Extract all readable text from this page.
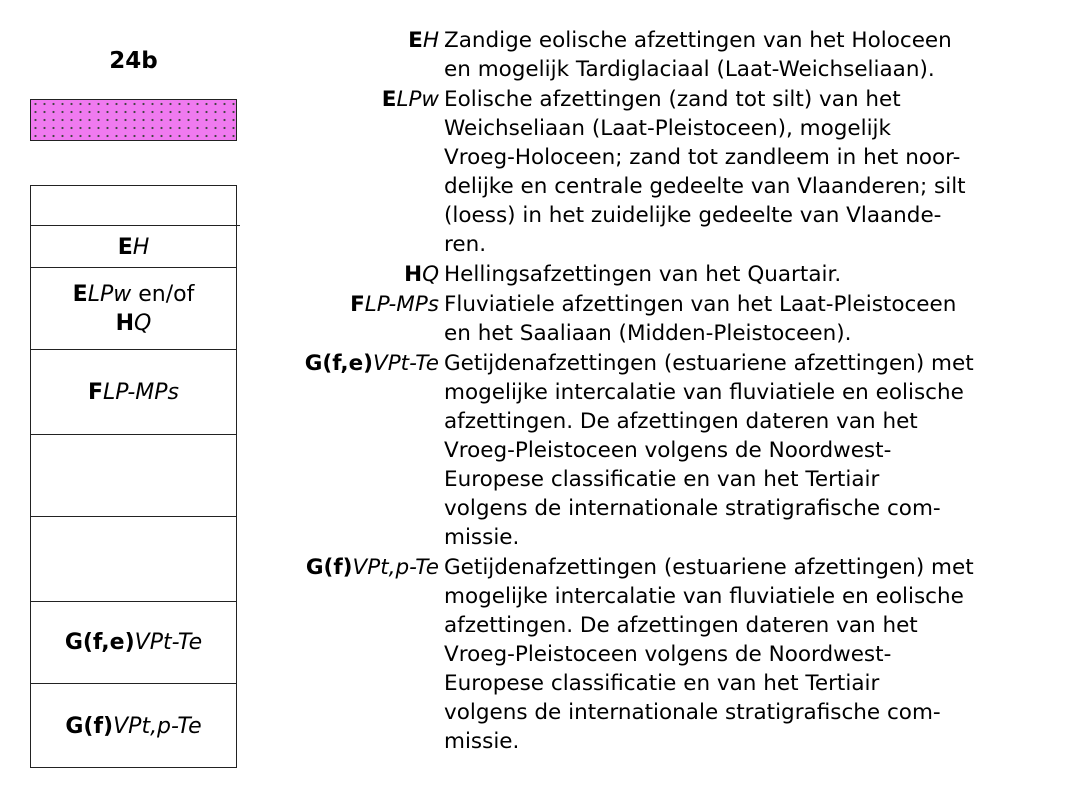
24b
EH
ELPw en/of
HQ
FLP-MPs
G(f,e)VPt-Te
G(f)VPt,p-Te
EH Zandige eolische afzettingen van het Holoceen
en mogelijk Tardiglaciaal (Laat-Weichseliaan).
ELPw Eolische afzettingen (zand tot silt) van het
Weichseliaan (Laat-Pleistoceen), mogelijk
Vroeg-Holoceen; zand tot zandleem in het noor-
delijke en centrale gedeelte van Vlaanderen; silt
(loess) in het zuidelijke gedeelte van Vlaande-
ren.
HQ Hellingsafzettingen van het Quartair.
FLP-MPs Fluviatiele afzettingen van het Laat-Pleistoceen
en het Saaliaan (Midden-Pleistoceen).
G(f,e)VPt-Te Getijdenafzettingen (estuariene afzettingen) met
mogelijke intercalatie van fluviatiele en eolische
afzettingen. De afzettingen dateren van het
Vroeg-Pleistoceen volgens de Noordwest-
Europese classificatie en van het Tertiair
volgens de internationale stratigrafische com-
missie.
G(f)VPt,p-Te Getijdenafzettingen (estuariene afzettingen) met
mogelijke intercalatie van fluviatiele en eolische
afzettingen. De afzettingen dateren van het
Vroeg-Pleistoceen volgens de Noordwest-
Europese classificatie en van het Tertiair
volgens de internationale stratigrafische com-
missie.
